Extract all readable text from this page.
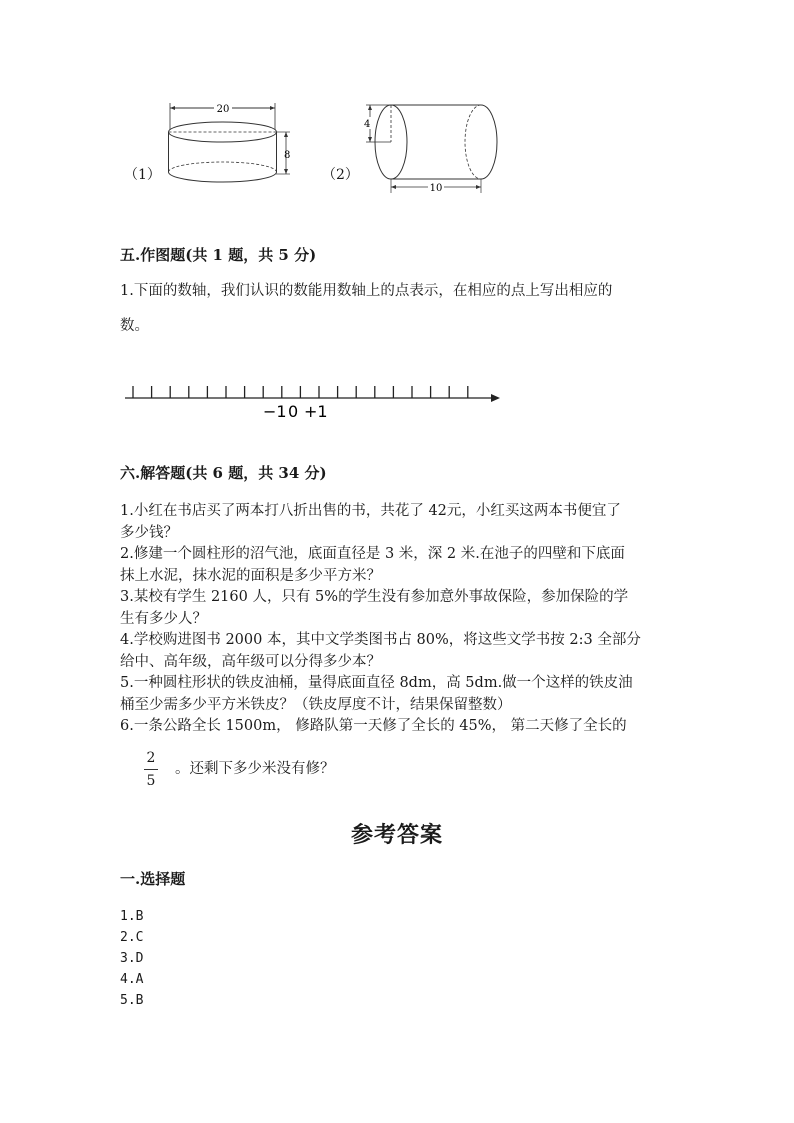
（1）
20
8
（2）
4
10
五.作图题(共 1 题，共 5 分)
1.下面的数轴，我们认识的数能用数轴上的点表示，在相应的点上写出相应的
数。
−1 0 +1
六.解答题(共 6 题，共 34 分)
1.小红在书店买了两本打八折出售的书，共花了 42元，小红买这两本书便宜了
多少钱？
2.修建一个圆柱形的沼气池，底面直径是 3 米，深 2 米.在池子的四壁和下底面
抹上水泥，抹水泥的面积是多少平方米？
3.某校有学生 2160 人，只有 5%的学生没有参加意外事故保险，参加保险的学
生有多少人？
4.学校购进图书 2000 本，其中文学类图书占 80%，将这些文学书按 2:3 全部分
给中、高年级，高年级可以分得多少本？
5.一种圆柱形状的铁皮油桶，量得底面直径 8dm，高 5dm.做一个这样的铁皮油
桶至少需多少平方米铁皮？（铁皮厚度不计，结果保留整数）
6.一条公路全长 1500m， 修路队第一天修了全长的 45%， 第二天修了全长的
2
5
。还剩下多少米没有修？
参考答案
一.选择题
1.B
2.C
3.D
4.A
5.B
